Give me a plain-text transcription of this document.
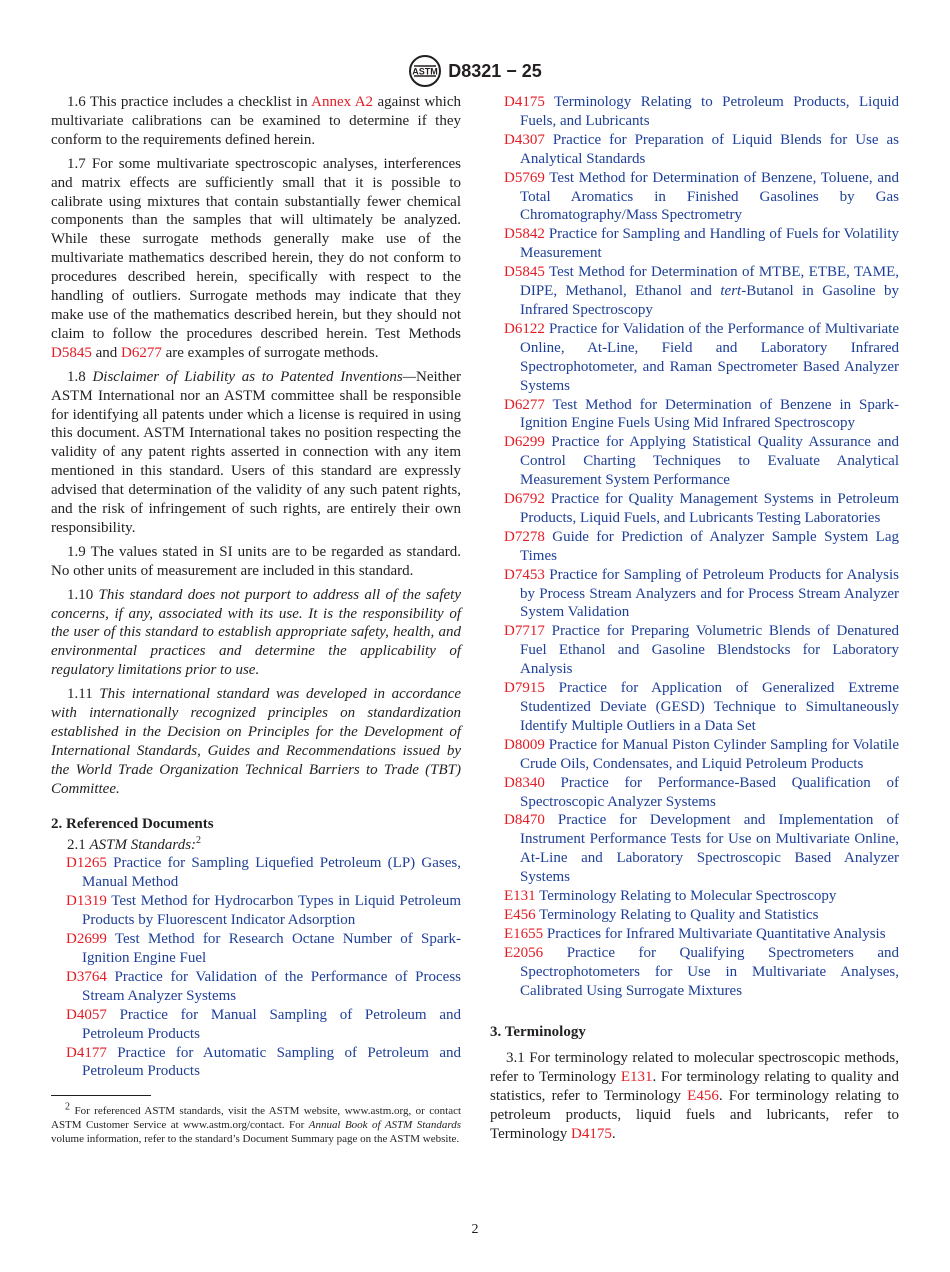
ASTM D8321 − 25

1.6 This practice includes a checklist in Annex A2 against which multivariate calibrations can be examined to determine if they conform to the requirements defined herein.

1.7 For some multivariate spectroscopic analyses, interferences and matrix effects are sufficiently small that it is possible to calibrate using mixtures that contain substantially fewer chemical components than the samples that will ultimately be analyzed. While these surrogate methods generally make use of the multivariate mathematics described herein, they do not conform to procedures described herein, specifically with respect to the handling of outliers. Surrogate methods may indicate that they make use of the mathematics described herein, but they should not claim to follow the procedures described herein. Test Methods D5845 and D6277 are examples of surrogate methods.

1.8 Disclaimer of Liability as to Patented Inventions—Neither ASTM International nor an ASTM committee shall be responsible for identifying all patents under which a license is required in using this document. ASTM International takes no position respecting the validity of any patent rights asserted in connection with any item mentioned in this standard. Users of this standard are expressly advised that determination of the validity of any such patent rights, and the risk of infringement of such rights, are entirely their own responsibility.

1.9 The values stated in SI units are to be regarded as standard. No other units of measurement are included in this standard.

1.10 This standard does not purport to address all of the safety concerns, if any, associated with its use. It is the responsibility of the user of this standard to establish appropriate safety, health, and environmental practices and determine the applicability of regulatory limitations prior to use.

1.11 This international standard was developed in accordance with internationally recognized principles on standardization established in the Decision on Principles for the Development of International Standards, Guides and Recommendations issued by the World Trade Organization Technical Barriers to Trade (TBT) Committee.

2. Referenced Documents

2.1 ASTM Standards:$^2$

D1265 Practice for Sampling Liquefied Petroleum (LP) Gases, Manual Method
D1319 Test Method for Hydrocarbon Types in Liquid Petroleum Products by Fluorescent Indicator Adsorption
D2699 Test Method for Research Octane Number of Spark-Ignition Engine Fuel
D3764 Practice for Validation of the Performance of Process Stream Analyzer Systems
D4057 Practice for Manual Sampling of Petroleum and Petroleum Products
D4177 Practice for Automatic Sampling of Petroleum and Petroleum Products
$^2$ For referenced ASTM standards, visit the ASTM website, www.astm.org, or contact ASTM Customer Service at www.astm.org/contact. For Annual Book of ASTM Standards volume information, refer to the standard’s Document Summary page on the ASTM website.
D4175 Terminology Relating to Petroleum Products, Liquid Fuels, and Lubricants
D4307 Practice for Preparation of Liquid Blends for Use as Analytical Standards
D5769 Test Method for Determination of Benzene, Toluene, and Total Aromatics in Finished Gasolines by Gas Chromatography/Mass Spectrometry
D5842 Practice for Sampling and Handling of Fuels for Volatility Measurement
D5845 Test Method for Determination of MTBE, ETBE, TAME, DIPE, Methanol, Ethanol and tert-Butanol in Gasoline by Infrared Spectroscopy
D6122 Practice for Validation of the Performance of Multivariate Online, At-Line, Field and Laboratory Infrared Spectrophotometer, and Raman Spectrometer Based Analyzer Systems
D6277 Test Method for Determination of Benzene in Spark-Ignition Engine Fuels Using Mid Infrared Spectroscopy
D6299 Practice for Applying Statistical Quality Assurance and Control Charting Techniques to Evaluate Analytical Measurement System Performance
D6792 Practice for Quality Management Systems in Petroleum Products, Liquid Fuels, and Lubricants Testing Laboratories
D7278 Guide for Prediction of Analyzer Sample System Lag Times
D7453 Practice for Sampling of Petroleum Products for Analysis by Process Stream Analyzers and for Process Stream Analyzer System Validation
D7717 Practice for Preparing Volumetric Blends of Denatured Fuel Ethanol and Gasoline Blendstocks for Laboratory Analysis
D7915 Practice for Application of Generalized Extreme Studentized Deviate (GESD) Technique to Simultaneously Identify Multiple Outliers in a Data Set
D8009 Practice for Manual Piston Cylinder Sampling for Volatile Crude Oils, Condensates, and Liquid Petroleum Products
D8340 Practice for Performance-Based Qualification of Spectroscopic Analyzer Systems
D8470 Practice for Development and Implementation of Instrument Performance Tests for Use on Multivariate Online, At-Line and Laboratory Spectroscopic Based Analyzer Systems
E131 Terminology Relating to Molecular Spectroscopy
E456 Terminology Relating to Quality and Statistics
E1655 Practices for Infrared Multivariate Quantitative Analysis
E2056 Practice for Qualifying Spectrometers and Spectrophotometers for Use in Multivariate Analyses, Calibrated Using Surrogate Mixtures
3. Terminology

3.1 For terminology related to molecular spectroscopic methods, refer to Terminology E131. For terminology relating to quality and statistics, refer to Terminology E456. For terminology relating to petroleum products, liquid fuels and lubricants, refer to Terminology D4175.

2
